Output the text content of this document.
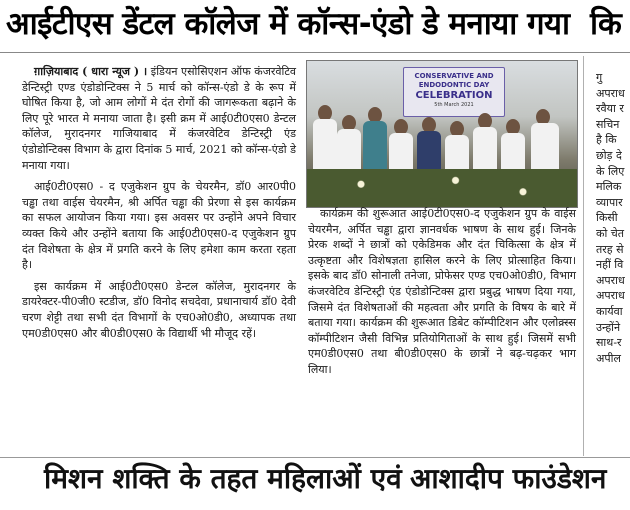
आईटीएस डेंटल कॉलेज में कॉन्स-एंडो डे मनाया गया कि

ग़ाज़ियाबाद ( धारा न्यूज ) । इंडियन एसोसिएशन ऑफ कंजरवेटिव डेन्टिस्ट्री एण्ड एंडोडोन्टिक्स ने 5 मार्च को कॉन्स-एंडो डे के रूप में घोषित किया है, जो आम लोगों मे दंत रोगों की जागरूकता बढ़ाने के लिए पूरे भारत मे मनाया जाता है। इसी क्रम में आई0टी0एस0 डेन्टल कॉलेज, मुरादनगर गाजियाबाद में कंजरवेटिव डेन्टिस्ट्री एंड एंडोडोन्टिक्स विभाग के द्वारा दिनांक 5 मार्च, 2021 को कॉन्स-एंडो डे मनाया गया।

आई0टी0एस0 - द एजुकेशन ग्रुप के चेयरमैन, डॉ0 आर0पी0 चड्ढा तथा वाईस चेयरमैन, श्री अर्पित चड्ढा की प्रेरणा से इस कार्यक्रम का सफल आयोजन किया गया। इस अवसर पर उन्होंने अपने विचार व्यक्त किये और उन्होंने बताया कि आई0टी0एस0-द एजुकेशन ग्रुप दंत विशेषता के क्षेत्र में प्रगति करने के लिए हमेशा काम करता रहता है।

इस कार्यक्रम में आई0टी0एस0 डेन्टल कॉलेज, मुरादनगर के डायरेक्टर-पी0जी0 स्टडीज, डॉ0 विनोद सचदेवा, प्रधानाचार्य डॉ0 देवी चरण शेट्टी तथा सभी दंत विभागों के एच0ओ0डी0, अध्यापक तथा एम0डी0एस0 और बी0डी0एस0 के विद्यार्थी भी मौजूद रहें।

CONSERVATIVE AND ENDODONTIC DAY
CELEBRATION
5th March 2021

कार्यक्रम की शुरूआत आई0टी0एस0-द एजुकेशन ग्रुप के वाईस चेयरमैन, अर्पित चड्ढा द्वारा ज्ञानवर्धक भाषण के साथ हुई। जिनके प्रेरक शब्दों ने छात्रों को एकेडिमक और दंत चिकित्सा के क्षेत्र में उत्कृष्टता और विशेषज्ञता हासिल करने के लिए प्रोत्साहित किया। इसके बाद डॉ0 सोनाली तनेजा, प्रोफेसर एण्ड एच0ओ0डी0, विभाग कंजरवेटिव डेन्टिस्ट्री एंड एंडोडोन्टिक्स द्वारा प्रबुद्ध भाषण दिया गया, जिसमे दंत विशेषताओं की महत्वता और प्रगति के विषय के बारे में बताया गया। कार्यक्रम की शुरूआत डिबेट कॉम्पीटिशन और एलोक्र्स्स कॉम्पीटिशन जैसी विभिन्न प्रतियोगिताओं के साथ हुई। जिसमें सभी एम0डी0एस0 तथा बी0डी0एस0 के छात्रों ने बढ़-चढ़कर भाग लिया।

गु
अपराध
रवैया र
सचिन
है कि
छोड़ दे
के लिए
मलिक
व्यापार
किसी
को चेत
तरह से
नहीं वि
अपराध
अपराध
कार्यवा
उन्होंने
साथ-र
अपील
मिशन शक्ति के तहत महिलाओं एवं आशादीप फाउंडेशन
